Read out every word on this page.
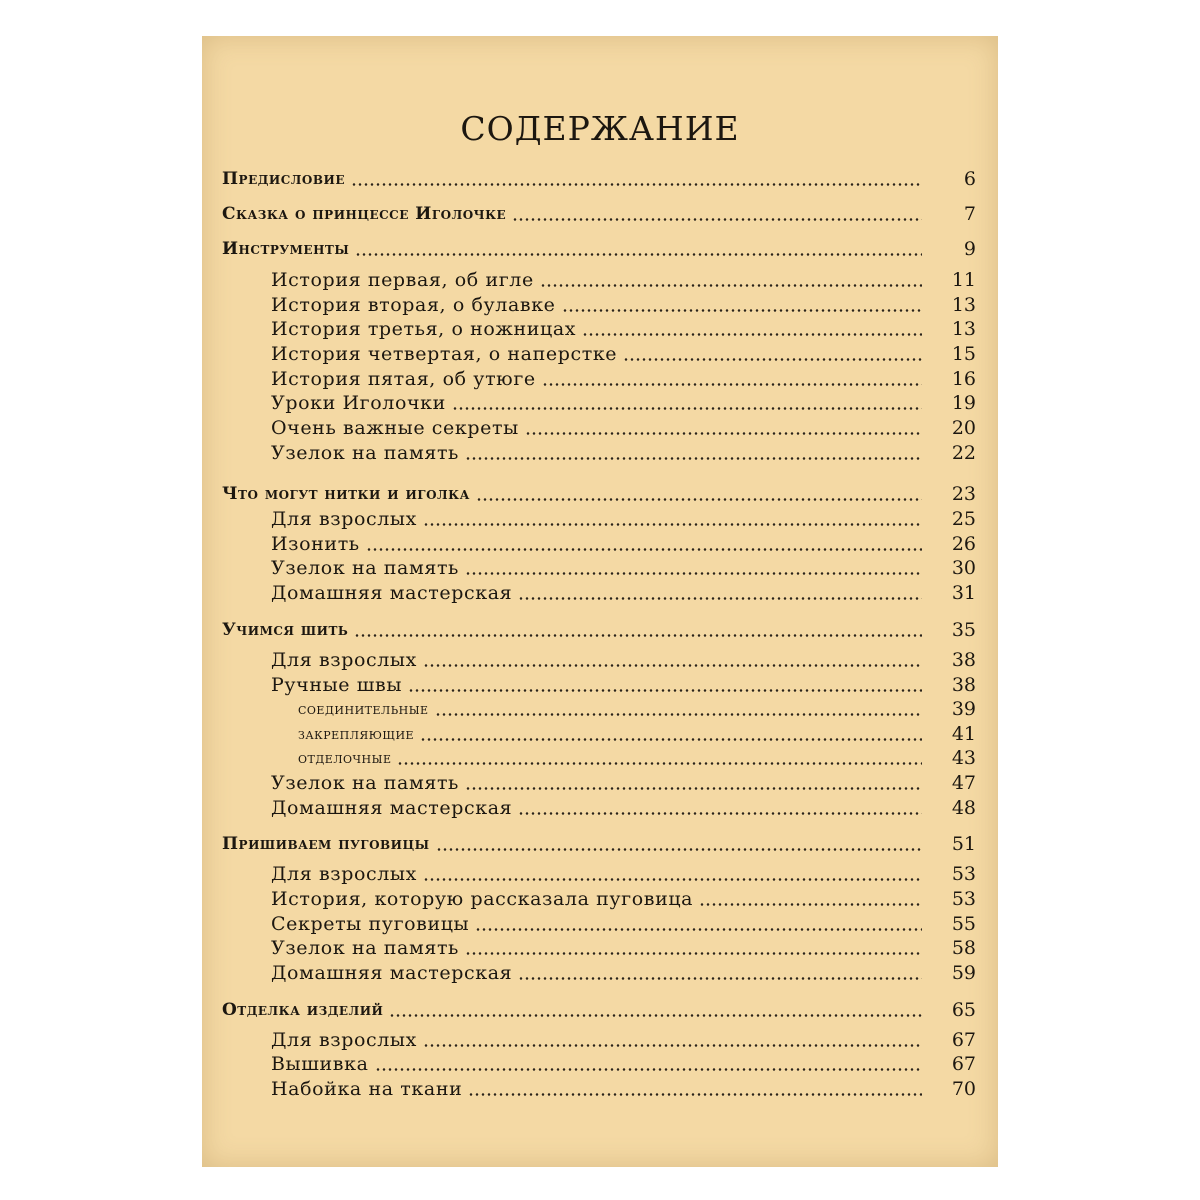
СОДЕРЖАНИЕ
Предисловие	6
Сказка о принцессе Иголочке	7
Инструменты	9
История первая, об игле	11
История вторая, о булавке	13
История третья, о ножницах	13
История четвертая, о наперстке	15
История пятая, об утюге	16
Уроки Иголочки	19
Очень важные секреты	20
Узелок на память	22
Что могут нитки и иголка	23
Для взрослых	25
Изонить	26
Узелок на память	30
Домашняя мастерская	31
Учимся шить	35
Для взрослых	38
Ручные швы	38
соединительные	39
закрепляющие	41
отделочные	43
Узелок на память	47
Домашняя мастерская	48
Пришиваем пуговицы	51
Для взрослых	53
История, которую рассказала пуговица	53
Секреты пуговицы	55
Узелок на память	58
Домашняя мастерская	59
Отделка изделий	65
Для взрослых	67
Вышивка	67
Набойка на ткани	70
